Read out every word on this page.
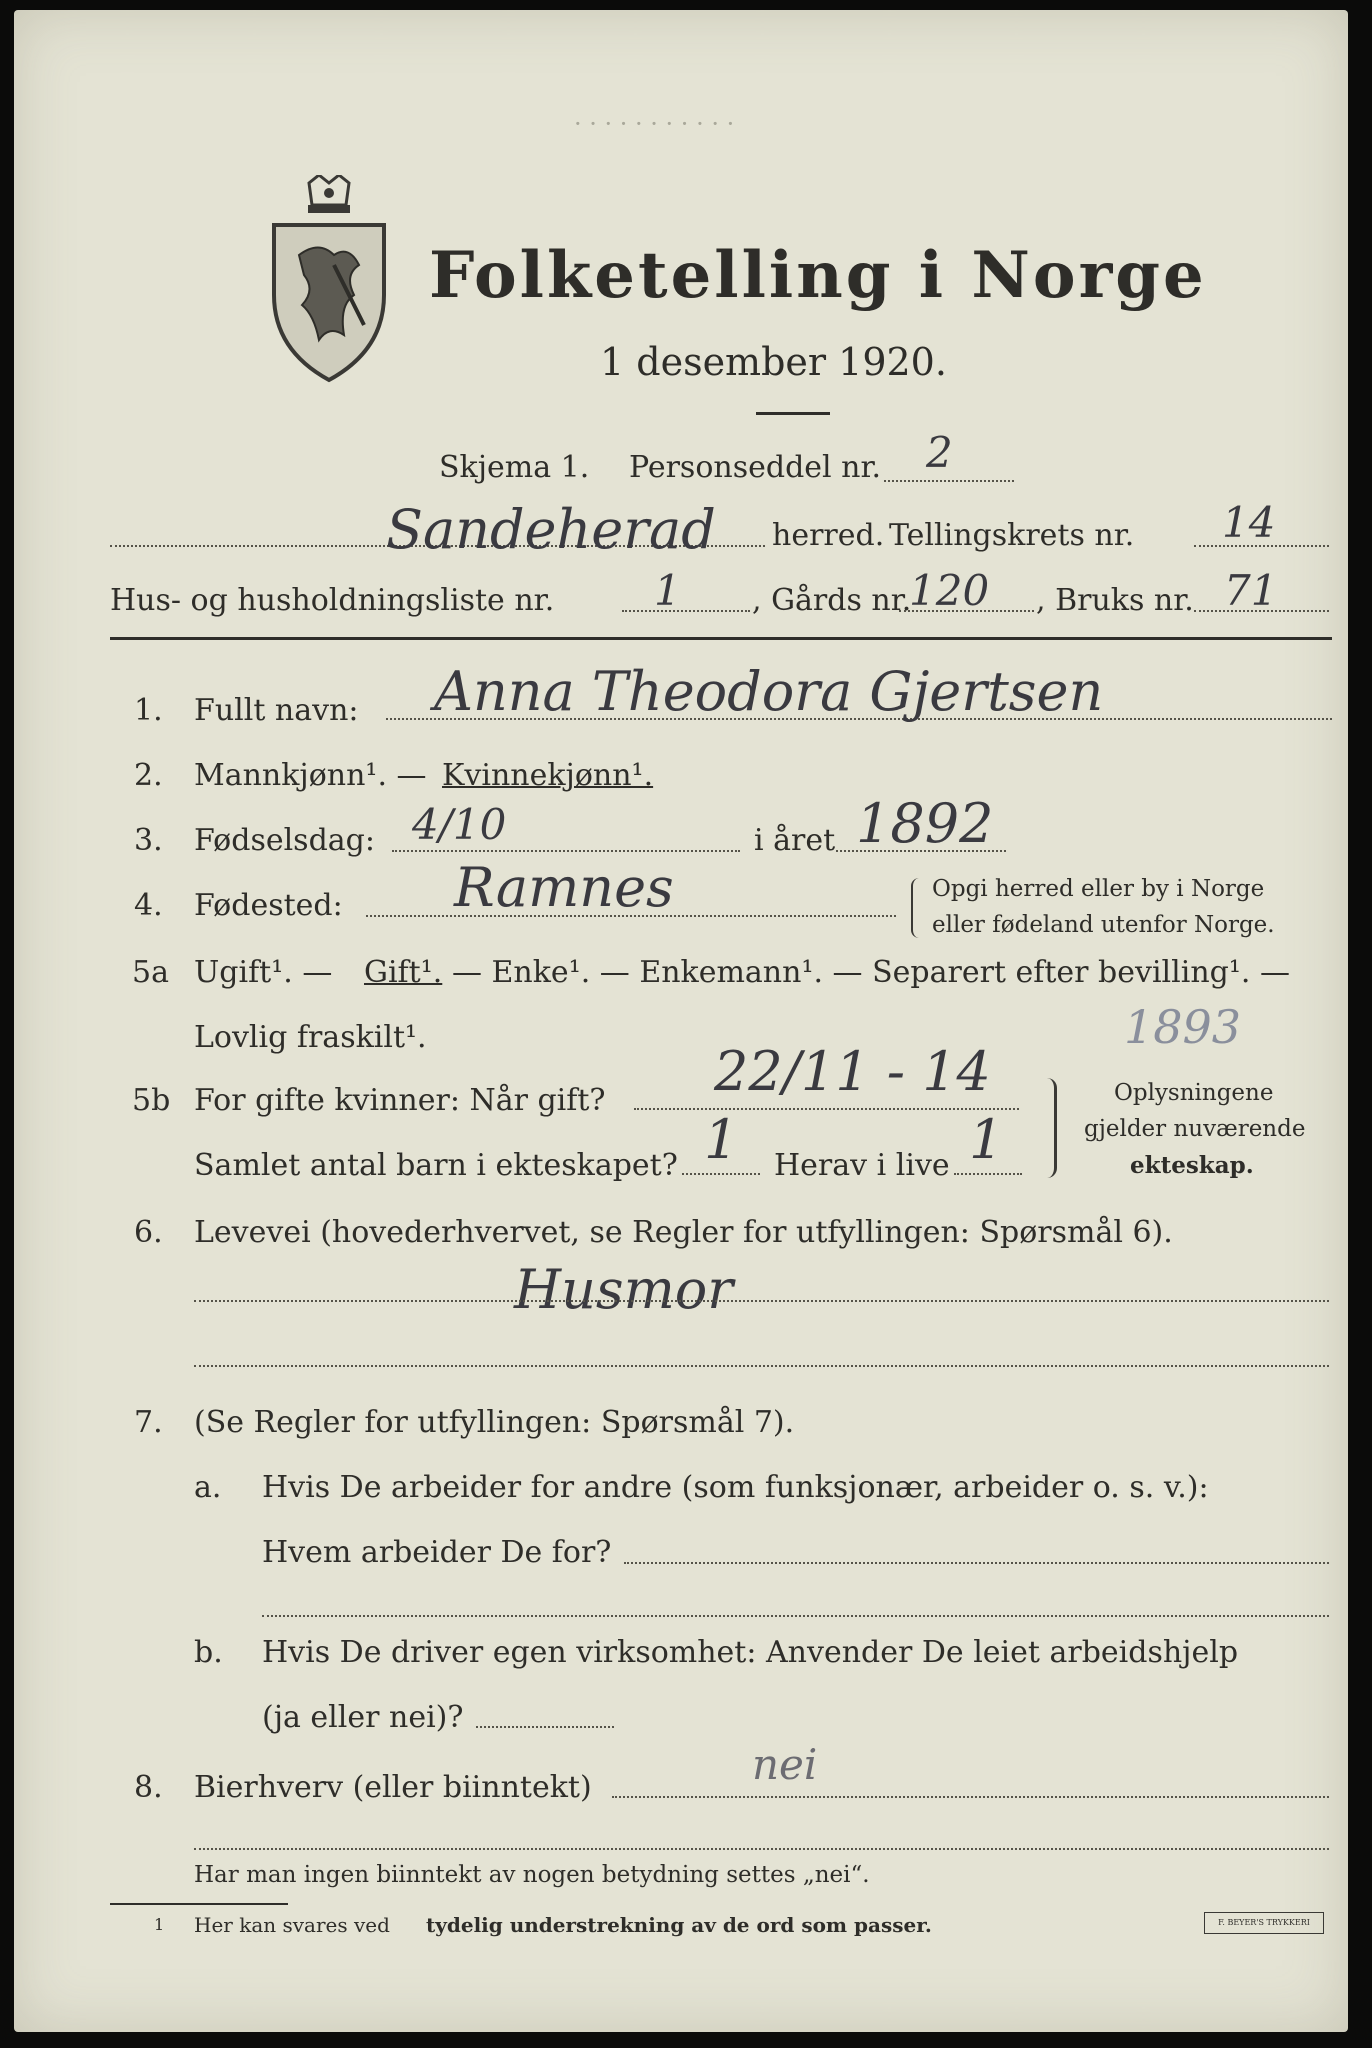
· · · · · · · · · · ·
Folketelling i Norge
1 desember 1920.
Skjema 1. Personseddel nr. 2
Sandeherad herred. Tellingskrets nr. 14
Hus- og husholdningsliste nr. 1 , Gårds nr.
120 , Bruks nr. 71
1. Fullt navn: Anna Theodora Gjertsen
2. Mannkjønn¹. — Kvinnekjønn¹.
3. Fødselsdag: 4/10	i året 1892
4. Fødested: Ramnes	Opgi herred eller by i Norge
eller fødeland utenfor Norge.
5a Ugift¹. — Gift¹. — Enke¹. — Enkemann¹. — Separert efter bevilling¹. —
Lovlig fraskilt¹.	1893
5b For gifte kvinner: Når gift? 22/11 - 14
Samlet antal barn i ekteskapet? 1 Herav i live 1
Oplysningene
gjelder nuværende
ekteskap.
6. Levevei (hovederhvervet, se Regler for utfyllingen: Spørsmål 6).
Husmor
7. (Se Regler for utfyllingen: Spørsmål 7).
a. Hvis De arbeider for andre (som funksjonær, arbeider o. s. v.):
Hvem arbeider De for?
b. Hvis De driver egen virksomhet: Anvender De leiet arbeidshjelp
(ja eller nei)?
8. Bierhverv (eller biinntekt)	nei
Har man ingen biinntekt av nogen betydning settes „nei“.
1 Her kan svares ved tydelig understrekning av de ord som passer.	F. BEYER'S TRYKKERI
